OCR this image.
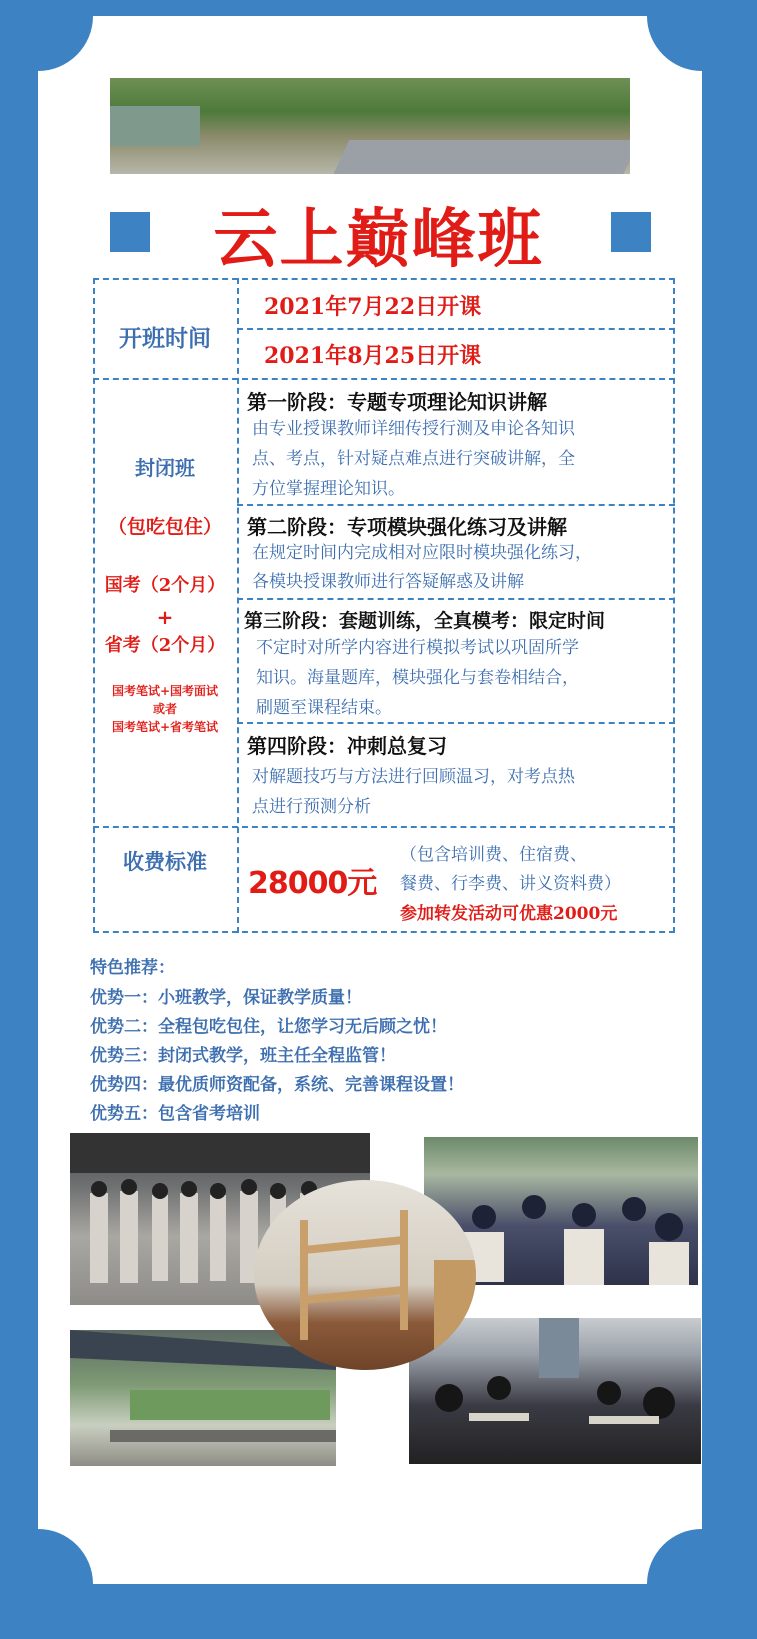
云上巅峰班
开班时间
2021年7月22日开课
2021年8月25日开课
封闭班
（包吃包住）
国考（2个月）
+
省考（2个月）
国考笔试+国考面试
或者
国考笔试+省考笔试
第一阶段：专题专项理论知识讲解
由专业授课教师详细传授行测及申论各知识
点、考点，针对疑点难点进行突破讲解，全
方位掌握理论知识。
第二阶段：专项模块强化练习及讲解
在规定时间内完成相对应限时模块强化练习，
各模块授课教师进行答疑解惑及讲解
第三阶段：套题训练，全真模考：限定时间
不定时对所学内容进行模拟考试以巩固所学
知识。海量题库，模块强化与套卷相结合，
刷题至课程结束。
第四阶段：冲刺总复习
对解题技巧与方法进行回顾温习，对考点热
点进行预测分析
收费标准
28000元
（包含培训费、住宿费、
餐费、行李费、讲义资料费）
参加转发活动可优惠2000元
特色推荐：
优势一：小班教学，保证教学质量！
优势二：全程包吃包住，让您学习无后顾之忧！
优势三：封闭式教学，班主任全程监管！
优势四：最优质师资配备，系统、完善课程设置！
优势五：包含省考培训
